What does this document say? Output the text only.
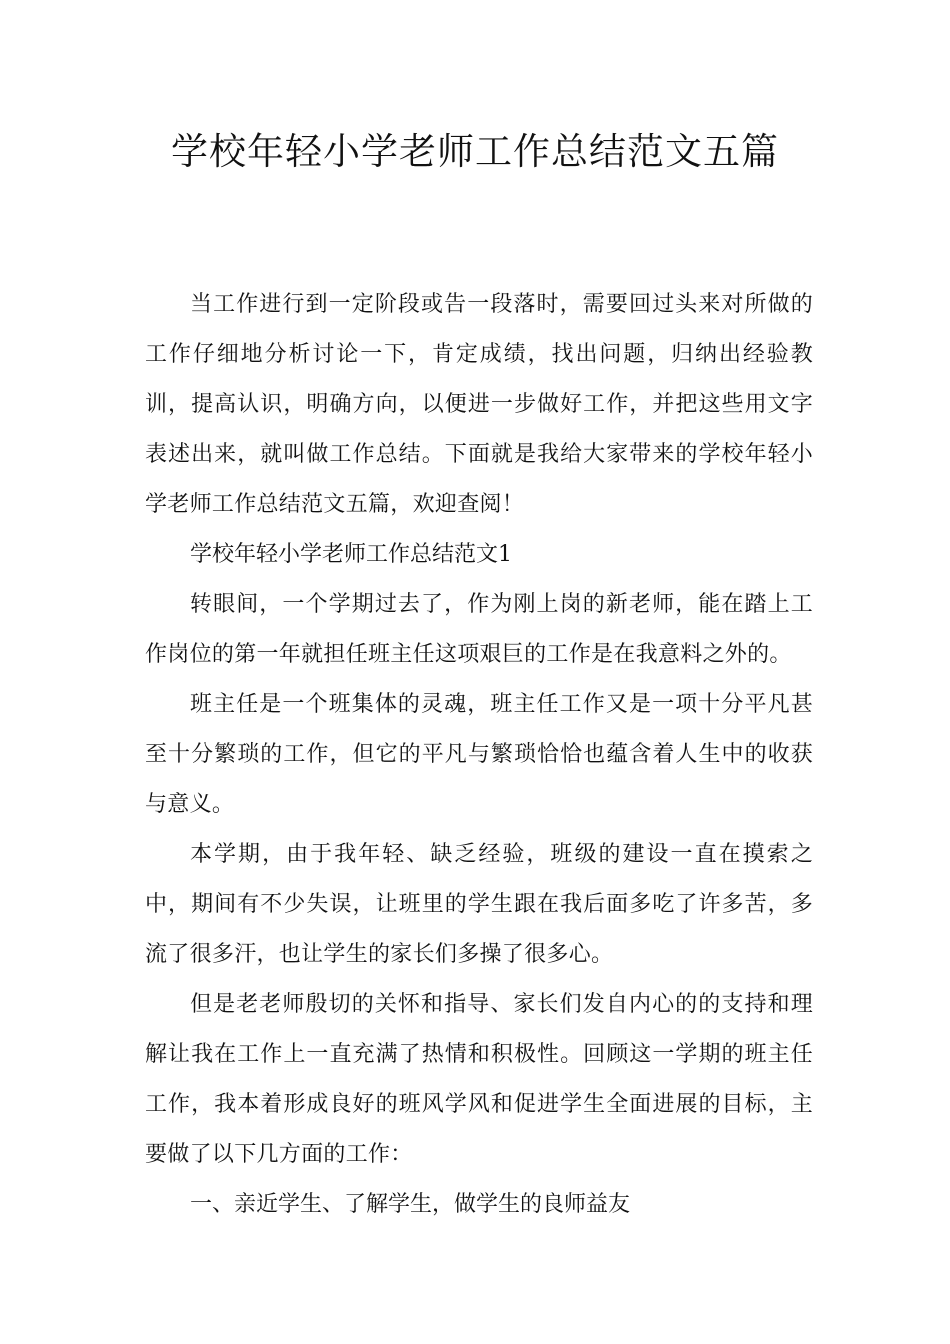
学校年轻小学老师工作总结范文五篇

当工作进行到一定阶段或告一段落时，需要回过头来对所做的工作仔细地分析讨论一下，肯定成绩，找出问题，归纳出经验教训，提高认识，明确方向，以便进一步做好工作，并把这些用文字表述出来，就叫做工作总结。下面就是我给大家带来的学校年轻小学老师工作总结范文五篇，欢迎查阅！

学校年轻小学老师工作总结范文1

转眼间，一个学期过去了，作为刚上岗的新老师，能在踏上工作岗位的第一年就担任班主任这项艰巨的工作是在我意料之外的。

班主任是一个班集体的灵魂，班主任工作又是一项十分平凡甚至十分繁琐的工作，但它的平凡与繁琐恰恰也蕴含着人生中的收获与意义。

本学期，由于我年轻、缺乏经验，班级的建设一直在摸索之中，期间有不少失误，让班里的学生跟在我后面多吃了许多苦，多流了很多汗，也让学生的家长们多操了很多心。

但是老老师殷切的关怀和指导、家长们发自内心的的支持和理解让我在工作上一直充满了热情和积极性。回顾这一学期的班主任工作，我本着形成良好的班风学风和促进学生全面进展的目标，主要做了以下几方面的工作：

一、亲近学生、了解学生，做学生的良师益友
